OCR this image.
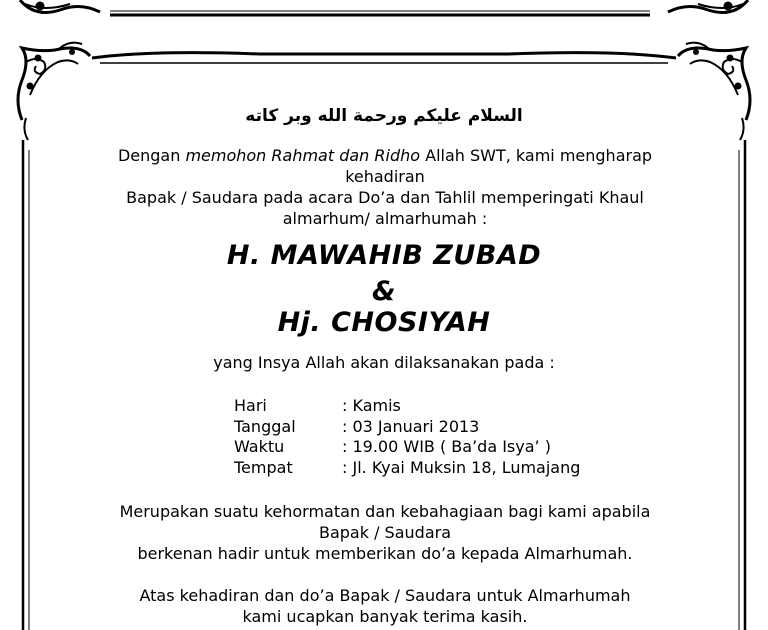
السلام عليكم ورحمة الله وبر كاته
Dengan memohon Rahmat dan Ridho Allah SWT, kami mengharap
kehadiran
Bapak / Saudara pada acara Do’a dan Tahlil memperingati Khaul
almarhum/ almarhumah :
H. MAWAHIB ZUBAD
&
Hj. CHOSIYAH
yang Insya Allah akan dilaksanakan pada :
Hari	: Kamis
Tanggal	: 03 Januari 2013
Waktu	: 19.00 WIB ( Ba’da Isya’ )
Tempat	: Jl. Kyai Muksin 18, Lumajang
Merupakan suatu kehormatan dan kebahagiaan bagi kami apabila
Bapak / Saudara
berkenan hadir untuk memberikan do’a kepada Almarhumah.
Atas kehadiran dan do’a Bapak / Saudara untuk Almarhumah
kami ucapkan banyak terima kasih.
